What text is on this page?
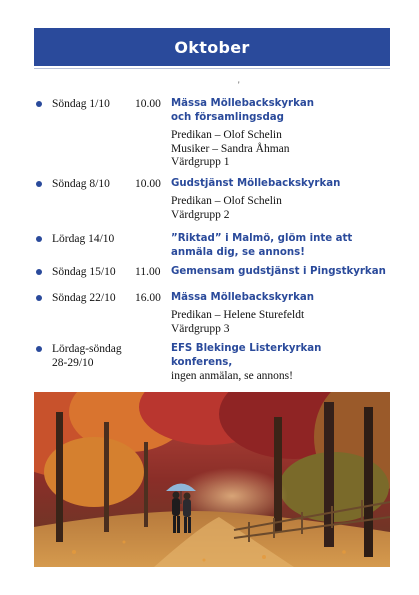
Oktober
'
Söndag 1/10 10.00 Mässa Möllebackskyrkan
och församlingsdag
Predikan – Olof Schelin
Musiker – Sandra Åhman
Värdgrupp 1
Söndag 8/10 10.00 Gudstjänst Möllebackskyrkan
Predikan – Olof Schelin
Värdgrupp 2
Lördag 14/10	”Riktad” i Malmö, glöm inte att
anmäla dig, se annons!
Söndag 15/10 11.00 Gemensam gudstjänst i Pingstkyrkan
Söndag 22/10 16.00 Mässa Möllebackskyrkan
Predikan – Helene Sturefeldt
Värdgrupp 3
Lördag-söndag
28-29/10
EFS Blekinge Listerkyrkan konferens,
ingen anmälan, se annons!
